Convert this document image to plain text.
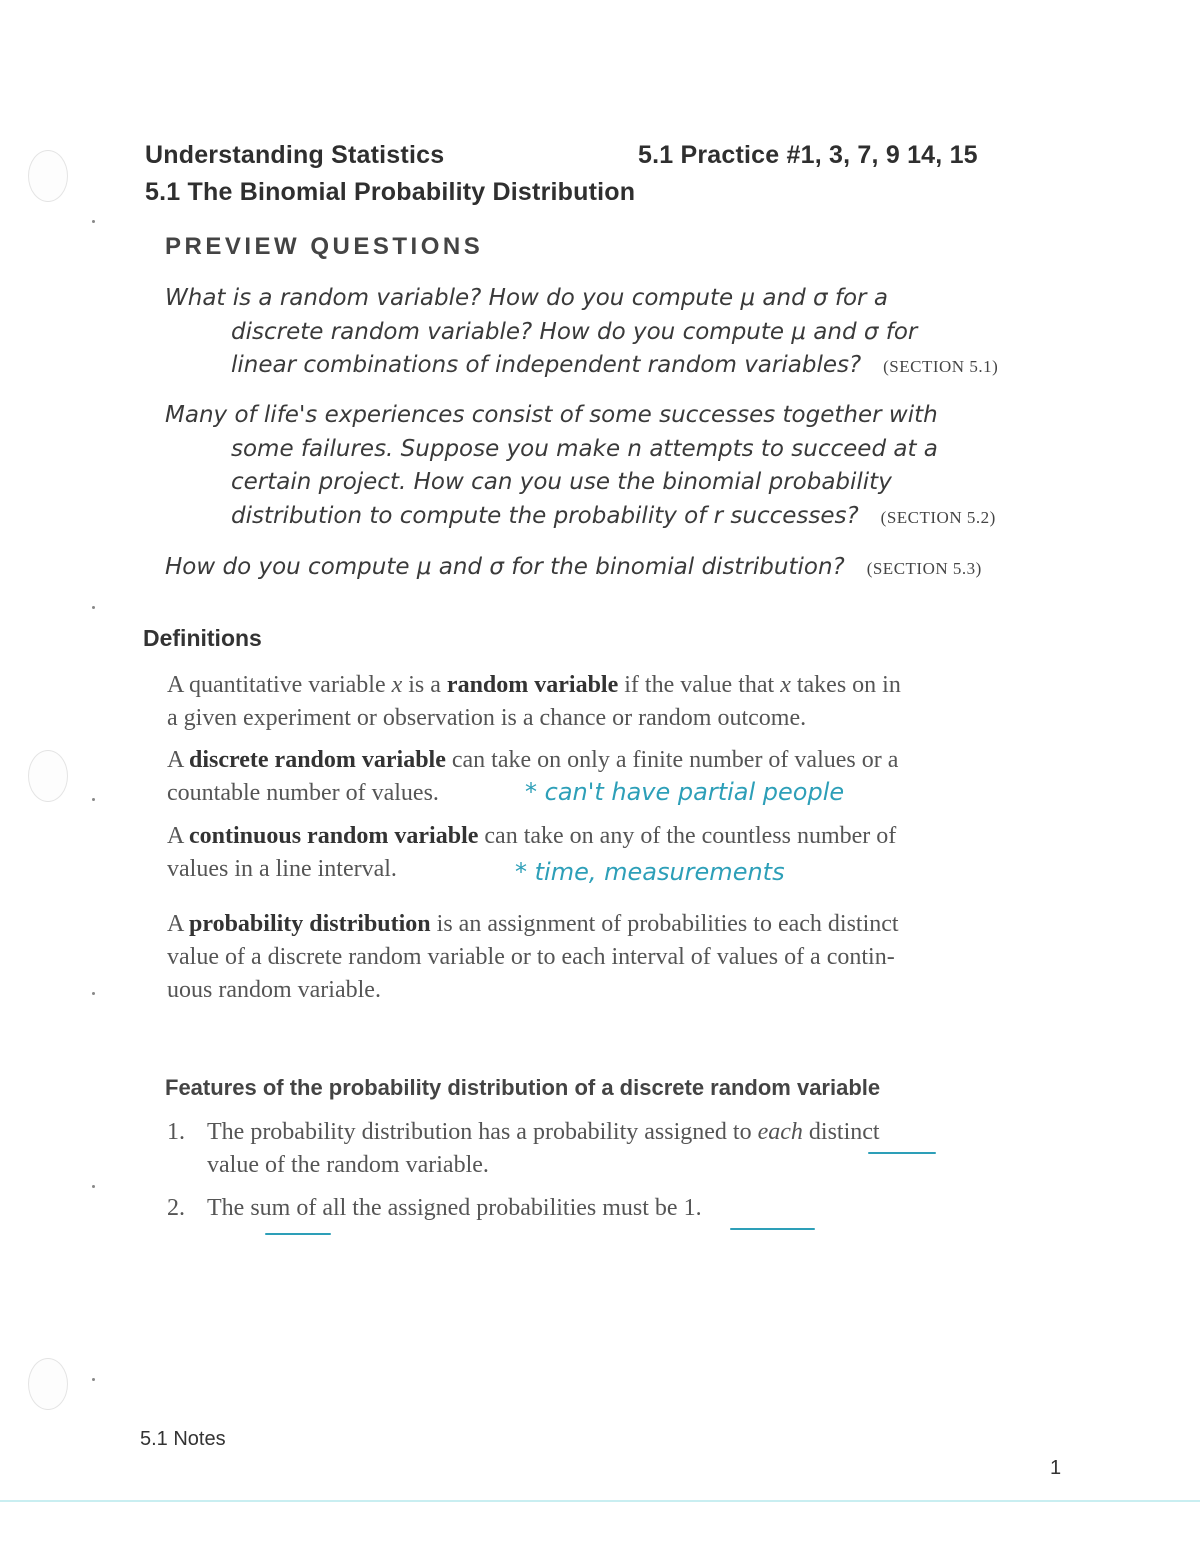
Understanding Statistics	5.1 Practice #1, 3, 7, 9 14, 15
5.1 The Binomial Probability Distribution
PREVIEW QUESTIONS
What is a random variable? How do you compute μ and σ for a
discrete random variable? How do you compute μ and σ for
linear combinations of independent random variables? (SECTION 5.1)
Many of life's experiences consist of some successes together with
some failures. Suppose you make n attempts to succeed at a
certain project. How can you use the binomial probability
distribution to compute the probability of r successes? (SECTION 5.2)
How do you compute μ and σ for the binomial distribution? (SECTION 5.3)
Definitions
A quantitative variable x is a random variable if the value that x takes on in
a given experiment or observation is a chance or random outcome.
A discrete random variable can take on only a finite number of values or a
countable number of values.	* can't have partial people
A continuous random variable can take on any of the countless number of
values in a line interval.	* time, measurements
A probability distribution is an assignment of probabilities to each distinct
value of a discrete random variable or to each interval of values of a contin-
uous random variable.
Features of the probability distribution of a discrete random variable
1. The probability distribution has a probability assigned to each distinct
value of the random variable.
2. The sum of all the assigned probabilities must be 1.
5.1 Notes
1
